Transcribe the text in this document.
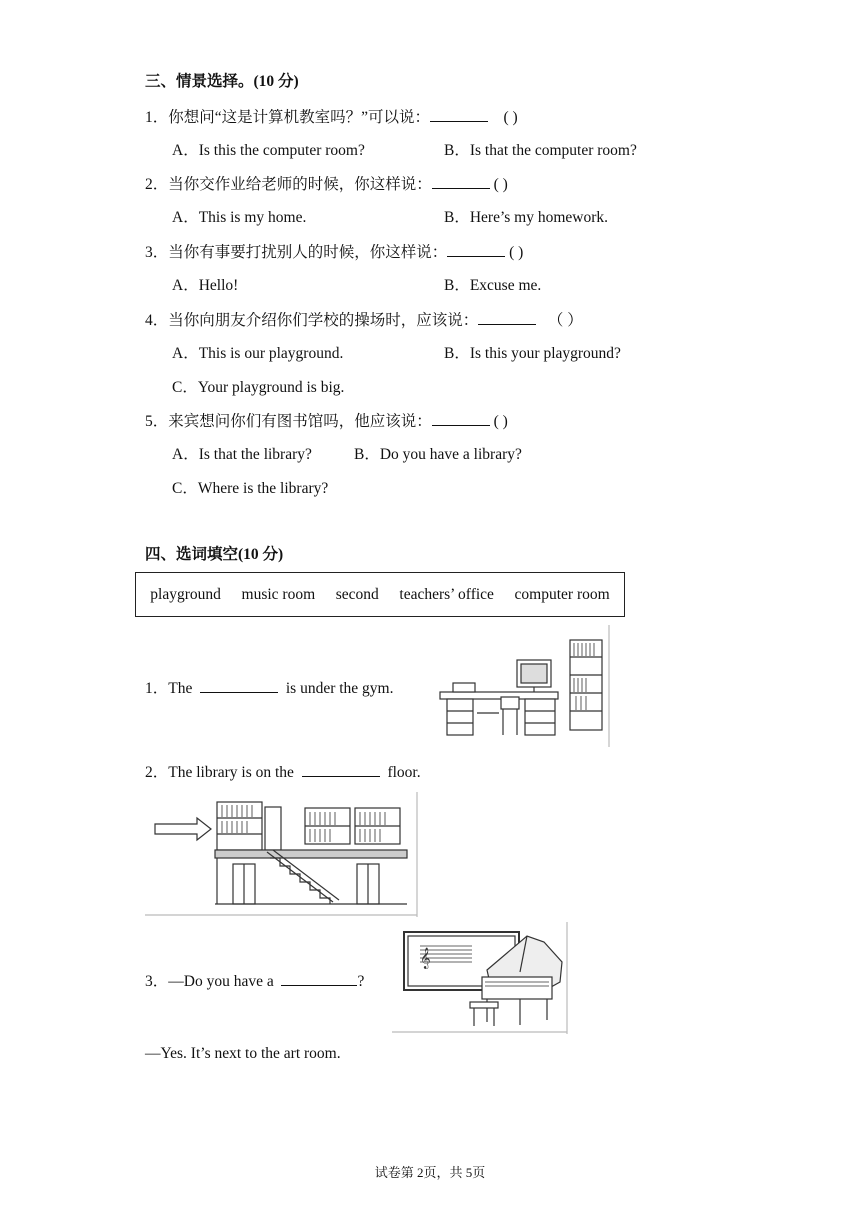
三、情景选择。(10 分)
1．你想问“这是计算机教室吗？”可以说：	( )
A．Is this the computer room?	B．Is that the computer room?
2．当你交作业给老师的时候，你这样说：	( )
A．This is my home.	B．Here’s my homework.
3．当你有事要打扰别人的时候，你这样说：	( )
A．Hello!	B．Excuse me.
4．当你向朋友介绍你们学校的操场时，应该说：	（ ）
A．This is our playground.	B．Is this your playground?
C．Your playground is big.
5．来宾想问你们有图书馆吗，他应该说：	( )
A．Is that the library?	B．Do you have a library?
C．Where is the library?
四、选词填空(10 分)
playground music room second teachers’ office computer room
1．The	is under the gym.
2．The library is on the	floor.
3．—Do you have a	?
𝄞
—Yes. It’s next to the art room.
试卷第 2页，共 5页
